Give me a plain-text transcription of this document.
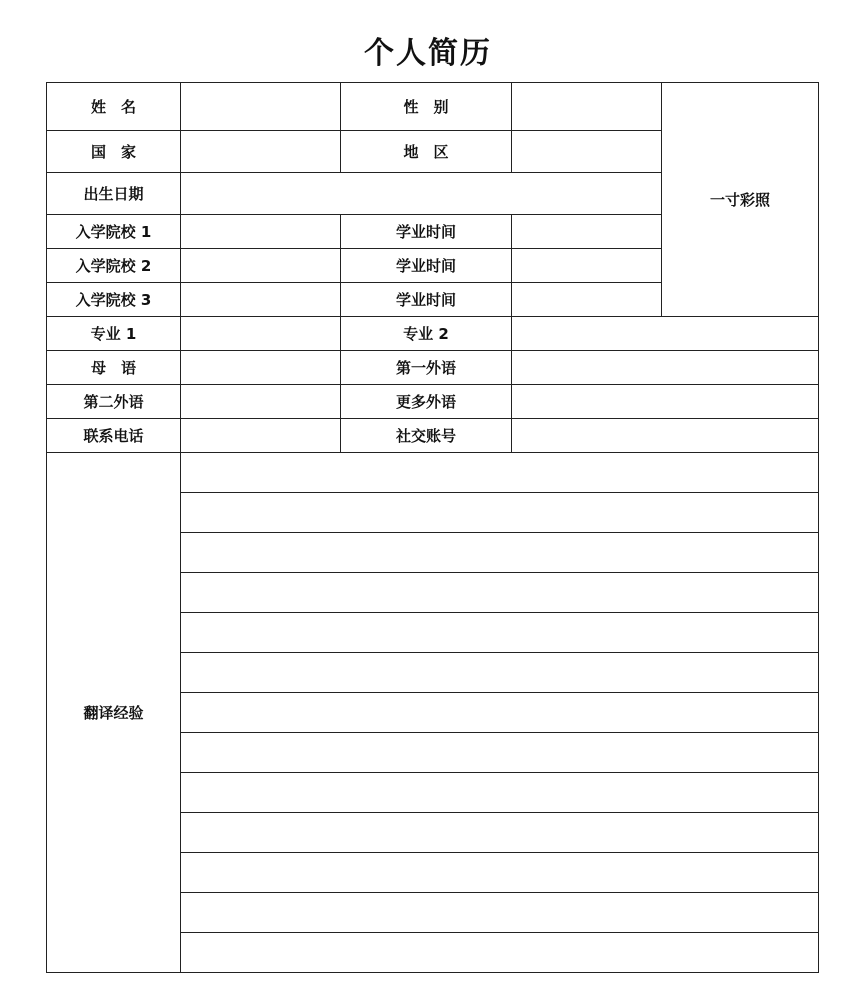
个人简历
姓　名		性　别		一寸彩照
国　家		地　区		
出生日期				
入学院校 1		学业时间		
入学院校 2		学业时间		
入学院校 3		学业时间		
专业 1		专业 2		
母　语		第一外语		
第二外语		更多外语		
联系电话		社交账号		
翻译经验				
